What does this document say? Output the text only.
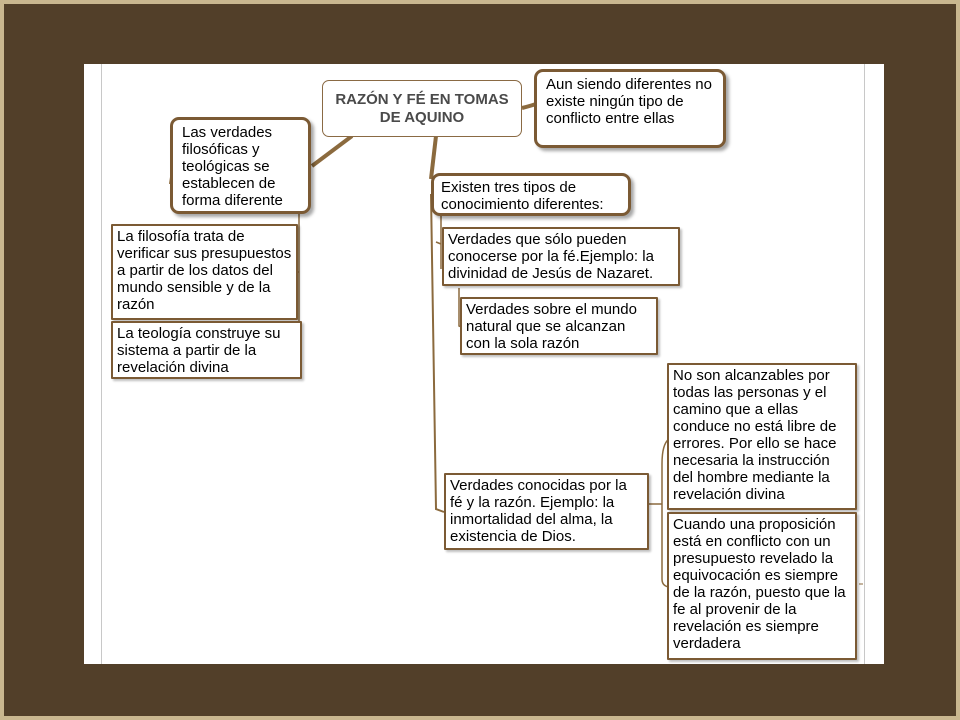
RAZÓN Y FÉ EN TOMAS DE AQUINO
Aun siendo diferentes no existe ningún tipo de conflicto entre ellas
Las verdades filosóficas y teológicas se establecen de forma diferente
La filosofía trata de verificar sus presupuestos a partir de los datos del mundo sensible y de la razón
La teología construye su sistema a partir de la revelación divina
Existen tres tipos de conocimiento diferentes:
Verdades que sólo pueden conocerse por la fé.Ejemplo: la divinidad de Jesús de Nazaret.
Verdades sobre el mundo natural que se alcanzan con la sola razón
Verdades conocidas por la fé y la razón. Ejemplo: la inmortalidad del alma, la existencia de Dios.
No son alcanzables por todas las personas y el camino que a ellas conduce no está libre de errores. Por ello se hace necesaria la instrucción del hombre mediante la revelación divina
Cuando una proposición está en conflicto con un presupuesto revelado la equivocación es siempre de la razón, puesto que la fe al provenir de la revelación es siempre verdadera
